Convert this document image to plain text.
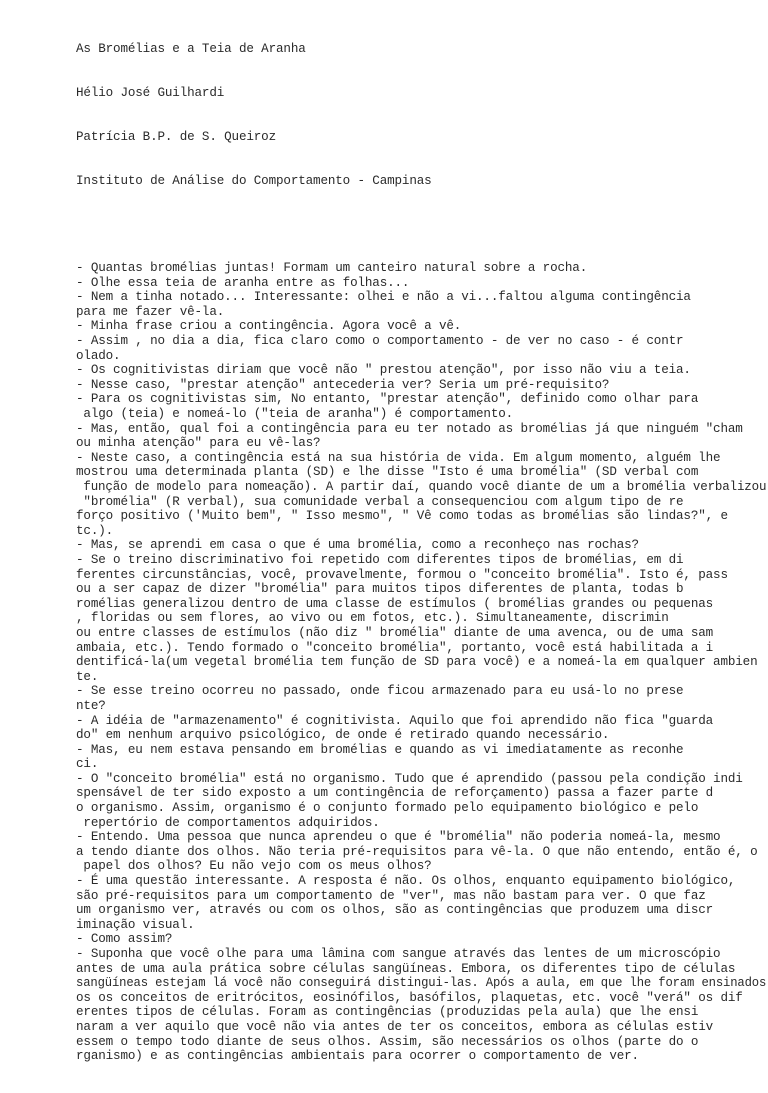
As Bromélias e a Teia de Aranha

Hélio José Guilhardi

Patrícia B.P. de S. Queiroz

Instituto de Análise do Comportamento - Campinas

- Quantas bromélias juntas! Formam um canteiro natural sobre a rocha.
- Olhe essa teia de aranha entre as folhas...
- Nem a tinha notado... Interessante: olhei e não a vi...faltou alguma contingência
para me fazer vê-la.
- Minha frase criou a contingência. Agora você a vê.
- Assim , no dia a dia, fica claro como o comportamento - de ver no caso - é contr
olado.
- Os cognitivistas diriam que você não " prestou atenção", por isso não viu a teia.
- Nesse caso, "prestar atenção" antecederia ver? Seria um pré-requisito?
- Para os cognitivistas sim, No entanto, "prestar atenção", definido como olhar para
algo (teia) e nomeá-lo ("teia de aranha") é comportamento.
- Mas, então, qual foi a contingência para eu ter notado as bromélias já que ninguém "cham
ou minha atenção" para eu vê-las?
- Neste caso, a contingência está na sua história de vida. Em algum momento, alguém lhe
mostrou uma determinada planta (SD) e lhe disse "Isto é uma bromélia" (SD verbal com
função de modelo para nomeação). A partir daí, quando você diante de um a bromélia verbalizou
"bromélia" (R verbal), sua comunidade verbal a consequenciou com algum tipo de re
forço positivo ('Muito bem", " Isso mesmo", " Vê como todas as bromélias são lindas?", e
tc.).
- Mas, se aprendi em casa o que é uma bromélia, como a reconheço nas rochas?
- Se o treino discriminativo foi repetido com diferentes tipos de bromélias, em di
ferentes circunstâncias, você, provavelmente, formou o "conceito bromélia". Isto é, pass
ou a ser capaz de dizer "bromélia" para muitos tipos diferentes de planta, todas b
romélias generalizou dentro de uma classe de estímulos ( bromélias grandes ou pequenas
, floridas ou sem flores, ao vivo ou em fotos, etc.). Simultaneamente, discrimin
ou entre classes de estímulos (não diz " bromélia" diante de uma avenca, ou de uma sam
ambaia, etc.). Tendo formado o "conceito bromélia", portanto, você está habilitada a i
dentificá-la(um vegetal bromélia tem função de SD para você) e a nomeá-la em qualquer ambien
te.
- Se esse treino ocorreu no passado, onde ficou armazenado para eu usá-lo no prese
nte?
- A idéia de "armazenamento" é cognitivista. Aquilo que foi aprendido não fica "guarda
do" em nenhum arquivo psicológico, de onde é retirado quando necessário.
- Mas, eu nem estava pensando em bromélias e quando as vi imediatamente as reconhe
ci.
- O "conceito bromélia" está no organismo. Tudo que é aprendido (passou pela condição indi
spensável de ter sido exposto a um contingência de reforçamento) passa a fazer parte d
o organismo. Assim, organismo é o conjunto formado pelo equipamento biológico e pelo
repertório de comportamentos adquiridos.
- Entendo. Uma pessoa que nunca aprendeu o que é "bromélia" não poderia nomeá-la, mesmo
a tendo diante dos olhos. Não teria pré-requisitos para vê-la. O que não entendo, então é, o
papel dos olhos? Eu não vejo com os meus olhos?
- É uma questão interessante. A resposta é não. Os olhos, enquanto equipamento biológico,
são pré-requisitos para um comportamento de "ver", mas não bastam para ver. O que faz
um organismo ver, através ou com os olhos, são as contingências que produzem uma discr
iminação visual.
- Como assim?
- Suponha que você olhe para uma lâmina com sangue através das lentes de um microscópio
antes de uma aula prática sobre células sangüíneas. Embora, os diferentes tipo de células
sangüíneas estejam lá você não conseguirá distingui-las. Após a aula, em que lhe foram ensinados
os os conceitos de eritrócitos, eosinófilos, basófilos, plaquetas, etc. você "verá" os dif
erentes tipos de células. Foram as contingências (produzidas pela aula) que lhe ensi
naram a ver aquilo que você não via antes de ter os conceitos, embora as células estiv
essem o tempo todo diante de seus olhos. Assim, são necessários os olhos (parte do o
rganismo) e as contingências ambientais para ocorrer o comportamento de ver.
